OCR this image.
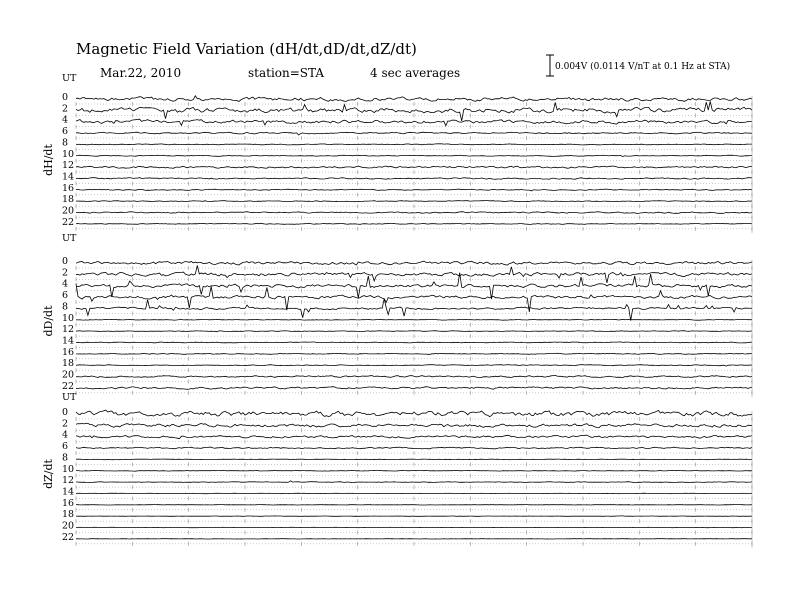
Magnetic Field Variation (dH/dt,dD/dt,dZ/dt)
Mar.22, 2010	station=STA	4 sec averages	0.004V (0.0114 V/nT at 0.1 Hz at STA)
UT
dH/dt
0
2
4
6
8
10
12
14
16
18
20
22
UT
dD/dt
0
2
4
6
8
10
12
14
16
18
20
22
UT
dZ/dt
0
2
4
6
8
10
12
14
16
18
20
22
